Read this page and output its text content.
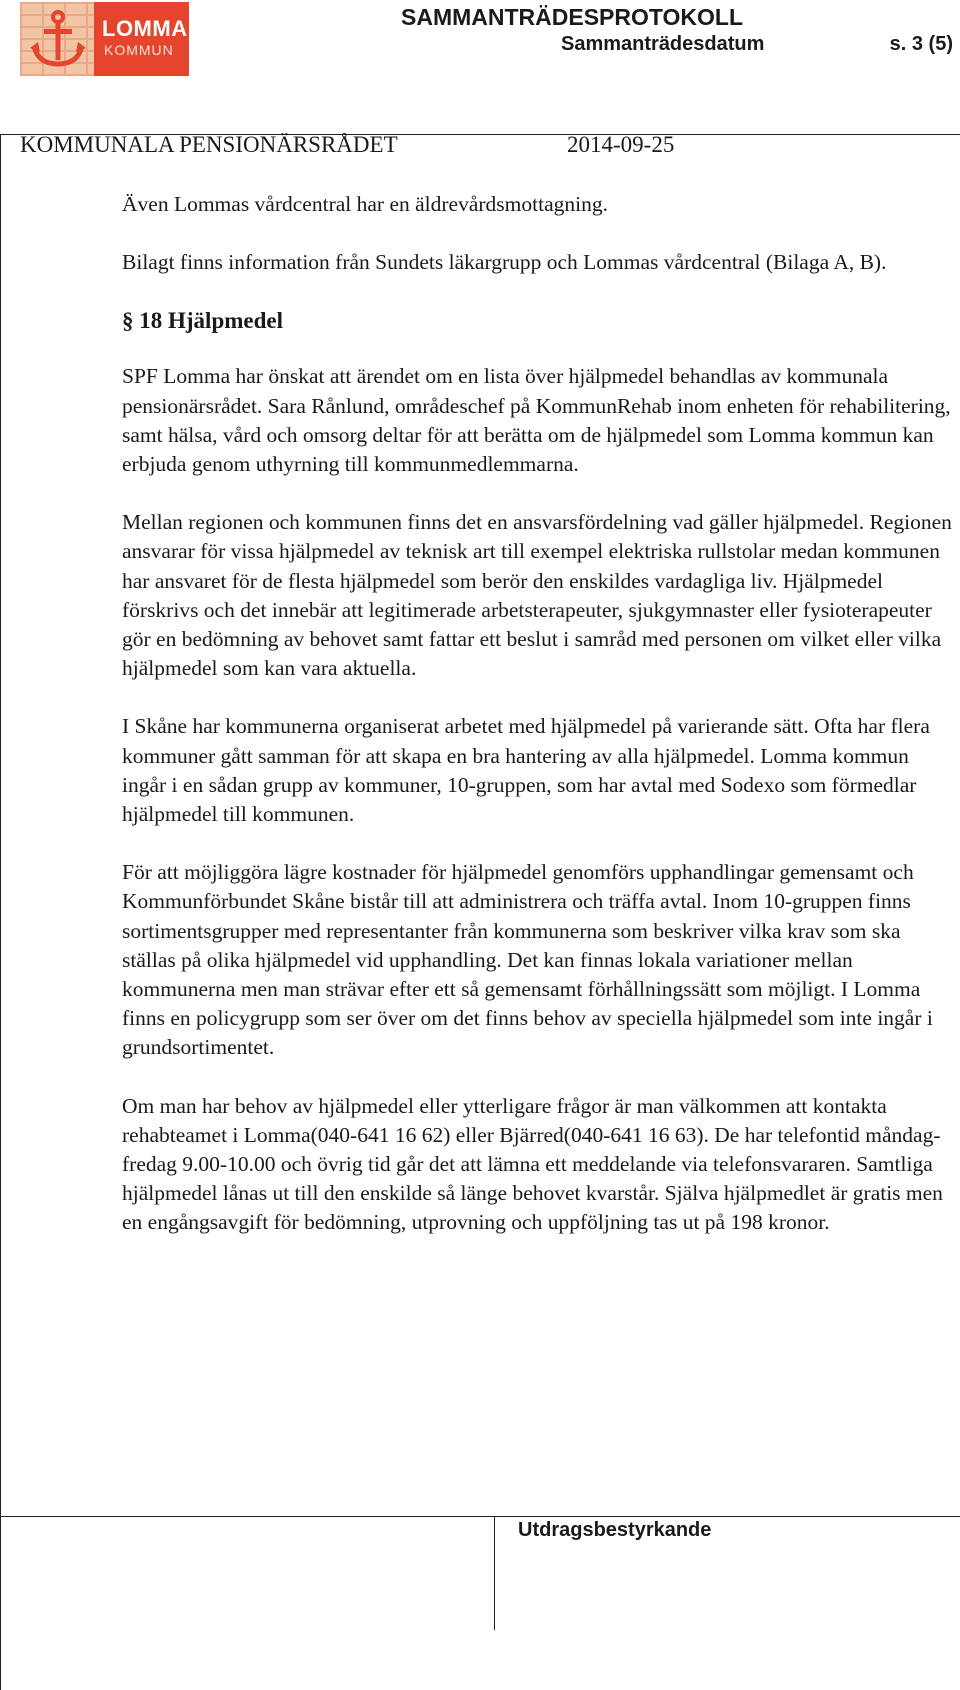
LOMMA
KOMMUN
SAMMANTRÄDESPROTOKOLL
Sammanträdesdatum	s. 3 (5)
KOMMUNALA PENSIONÄRSRÅDET	2014-09-25

Även Lommas vårdcentral har en äldrevårdsmottagning.

Bilagt finns information från Sundets läkargrupp och Lommas vårdcentral (Bilaga A, B).

§ 18 Hjälpmedel

SPF Lomma har önskat att ärendet om en lista över hjälpmedel behandlas av kommunala pensionärsrådet. Sara Rånlund, områdeschef på KommunRehab inom enheten för rehabilitering, samt hälsa, vård och omsorg deltar för att berätta om de hjälpmedel som Lomma kommun kan erbjuda genom uthyrning till kommunmedlemmarna.

Mellan regionen och kommunen finns det en ansvarsfördelning vad gäller hjälpmedel. Regionen ansvarar för vissa hjälpmedel av teknisk art till exempel elektriska rullstolar medan kommunen har ansvaret för de flesta hjälpmedel som berör den enskildes vardagliga liv. Hjälpmedel förskrivs och det innebär att legitimerade arbetsterapeuter, sjukgymnaster eller fysioterapeuter gör en bedömning av behovet samt fattar ett beslut i samråd med personen om vilket eller vilka hjälpmedel som kan vara aktuella.

I Skåne har kommunerna organiserat arbetet med hjälpmedel på varierande sätt. Ofta har flera kommuner gått samman för att skapa en bra hantering av alla hjälpmedel. Lomma kommun ingår i en sådan grupp av kommuner, 10-gruppen, som har avtal med Sodexo som förmedlar hjälpmedel till kommunen.

För att möjliggöra lägre kostnader för hjälpmedel genomförs upphandlingar gemensamt och Kommunförbundet Skåne bistår till att administrera och träffa avtal. Inom 10-gruppen finns sortimentsgrupper med representanter från kommunerna som beskriver vilka krav som ska ställas på olika hjälpmedel vid upphandling. Det kan finnas lokala variationer mellan kommunerna men man strävar efter ett så gemensamt förhållningssätt som möjligt. I Lomma finns en policygrupp som ser över om det finns behov av speciella hjälpmedel som inte ingår i grundsortimentet.

Om man har behov av hjälpmedel eller ytterligare frågor är man välkommen att kontakta rehabteamet i Lomma(040-641 16 62) eller Bjärred(040-641 16 63). De har telefontid måndag-fredag 9.00-10.00 och övrig tid går det att lämna ett meddelande via telefonsvararen. Samtliga hjälpmedel lånas ut till den enskilde så länge behovet kvarstår. Själva hjälpmedlet är gratis men en engångsavgift för bedömning, utprovning och uppföljning tas ut på 198 kronor.

Utdragsbestyrkande
